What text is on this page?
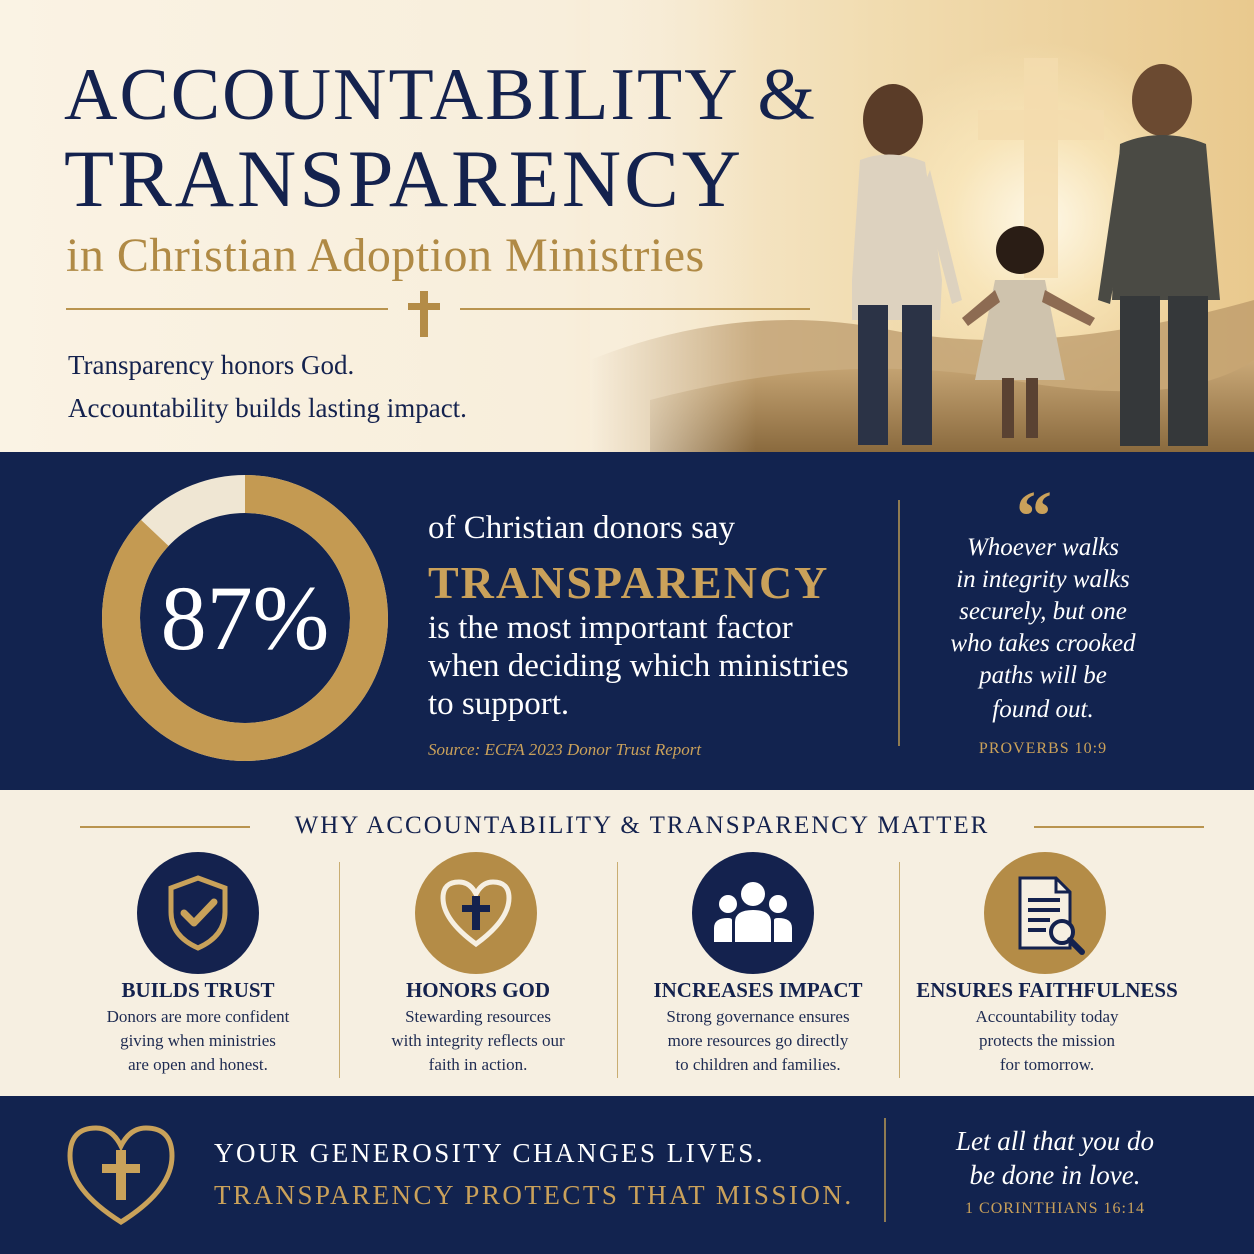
ACCOUNTABILITY &
TRANSPARENCY
in Christian Adoption Ministries
Transparency honors God.
Accountability builds lasting impact.
87%
of Christian donors say
TRANSPARENCY
is the most important factor
when deciding which ministries
to support.
Source: ECFA 2023 Donor Trust Report
“
Whoever walks
in integrity walks
securely, but one
who takes crooked
paths will be
found out.
PROVERBS 10:9
WHY ACCOUNTABILITY & TRANSPARENCY MATTER
BUILDS TRUST
Donors are more confident
giving when ministries
are open and honest.
HONORS GOD
Stewarding resources
with integrity reflects our
faith in action.
INCREASES IMPACT
Strong governance ensures
more resources go directly
to children and families.
ENSURES FAITHFULNESS
Accountability today
protects the mission
for tomorrow.
YOUR GENEROSITY CHANGES LIVES.
TRANSPARENCY PROTECTS THAT MISSION.
Let all that you do
be done in love.
1 CORINTHIANS 16:14
